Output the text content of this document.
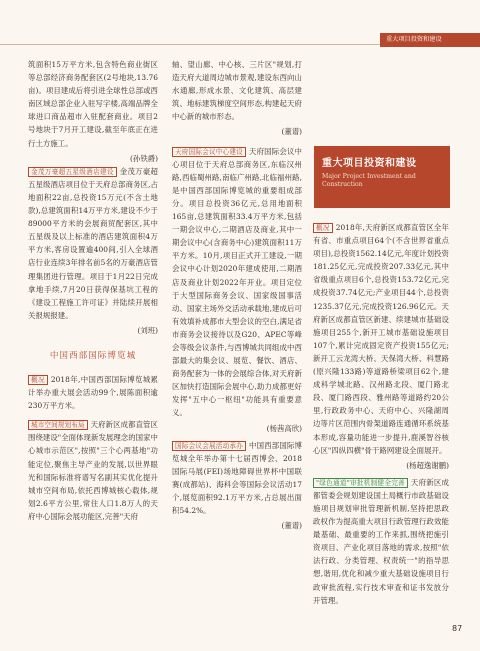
重大项目投资和建设

筑面积15万平方米,包含特色商业街区等总部经济商务配套区(2号地块,13.76亩)。项目建成后将引进全球性总部或西南区域总部企业入驻写字楼,高端品牌全球进口商品超市入驻配套商业。项目2号地块于7月开工建设,截至年底正在进行土方施工。

(孙铁爵)

金茂万豪超五星级酒店建设 金茂万豪超五星级酒店项目位于天府总部商务区,占地面积22亩,总投资15万元(不含土地款),总建筑面积14万平方米,建设不少于89000平方米的会展商贸配套区,其中五星级及以上标准的酒店建筑面积4万平方米,客房设置逾400间,引入全球酒店行业连续3年排名前5名的万豪酒店管理集团进行管理。项目于1月22日完成拿地手续,7月20日获得保基坑工程的《建设工程施工许可证》并陆续开展相关报规报建。

(刘班)
中国西部国际博览城

概况 2018年,中国西部国际博览城累计举办重大展会活动99个,展陈面积逾230万平方米。

城市空间规划布局 天府新区成都直管区围绕建设"全面体现新发展理念的国家中心城市示范区",按照"三个心两基地"功能定位,聚焦主导产业的发展,以世界眼光和国际标准将谱写名副其实优化提升城市空间布局,依托西博城核心载体,规划2.6平方公里,常住人口1.8万人的天府中心国际会展功能区,完善"天府

轴、望山廊、中心核、三片区"规划,打造天府大道周边城市景观,建设东西向山水通廊,形成水景、文化建筑、高层建筑、地标建筑梯度空间形态,构建起天府中心新的城市形态。

(董谱)

天府国际会议中心建设 天府国际会议中心项目位于天府总部商务区,东临汉州路,西临蜀州路,南临广州路,北临福州路,是中国西部国际博览城的重要组成部分。项目总投资36亿元,总用地面积165亩,总建筑面积33.4万平方米,包括一期会议中心,二期酒店及商业,其中一期会议中心(含商务中心)建筑面积11万平方米。10月,项目正式开工建设,一期会议中心计划2020年建成使用,二期酒店及商业计划2022年开业。项目定位于大型国际商务会议、国家级国事活动、国家主场外交活动承载地,建成后可有效填补成都市大型会议的空白,满足省市商务会议接待以及G20、APEC等峰会等级会议条件,与西博城共同组成中西部最大的集会议、展览、餐饮、酒店、商务配套为一体的会展综合体,对天府新区加快打造国际会展中心,助力成都更好发挥"五中心一枢纽"功能具有重要意义。

(杨茜高欣)

国际会议会展活动承办 中国西部国际博览城全年举办第十七届西博会、2018国际马展(FEI)场地障碍世界杯中国联赛(成都站)、海科会等国际会议活动17个,展览面积92.1万平方米,占总展出面积54.2%。

(董谱)
重大项目投资和建设
Major Project Investment and Construction

概况 2018年,天府新区成都直管区全年有省、市重点项目64个(不含世界省重点项目),总投资1562.14亿元,年度计划投资181.25亿元,完成投资207.33亿元,其中省级重点项目6个,总投资153.72亿元,完成投资37.74亿元;产业项目44个,总投资1235.37亿元,完成投资126.96亿元。天府新区成都直管区新建、续建城市基础设施项目255个,新开工城市基础设施项目107个,累计完成固定资产投资155亿元;新开工云龙湾大桥、天保湾大桥、科慧路(原兴隆133路)等道路桥梁项目62个,建成科学城北路、汉州路北段、厦门路北段、厦门路西段、雅州路等道路约20公里,行政政务中心、天府中心、兴隆湖周边等片区范围内骨架道路连通循环系统基本形成,容量功能进一步提升,鹿溪智谷核心区"四纵四横"骨干路网建设全面展开。

(杨超逸谢鹏)

"绿色通道"审批机制健全完善 天府新区成都管委会规划建设国土局概行市政基础设施项目规划审批管理新机制,坚持把思政政权作为提高重大项目行政管理行政效能最基础、最重要的工作来抓,围绕把施引资项目、产业化项目落地的需求,按照"依法行政、分类管理、权责统一"的指导思想,谐用,优化和减少重大基础设施项目行政审批流程,实行技术审查和证书发放分开管理。

87
